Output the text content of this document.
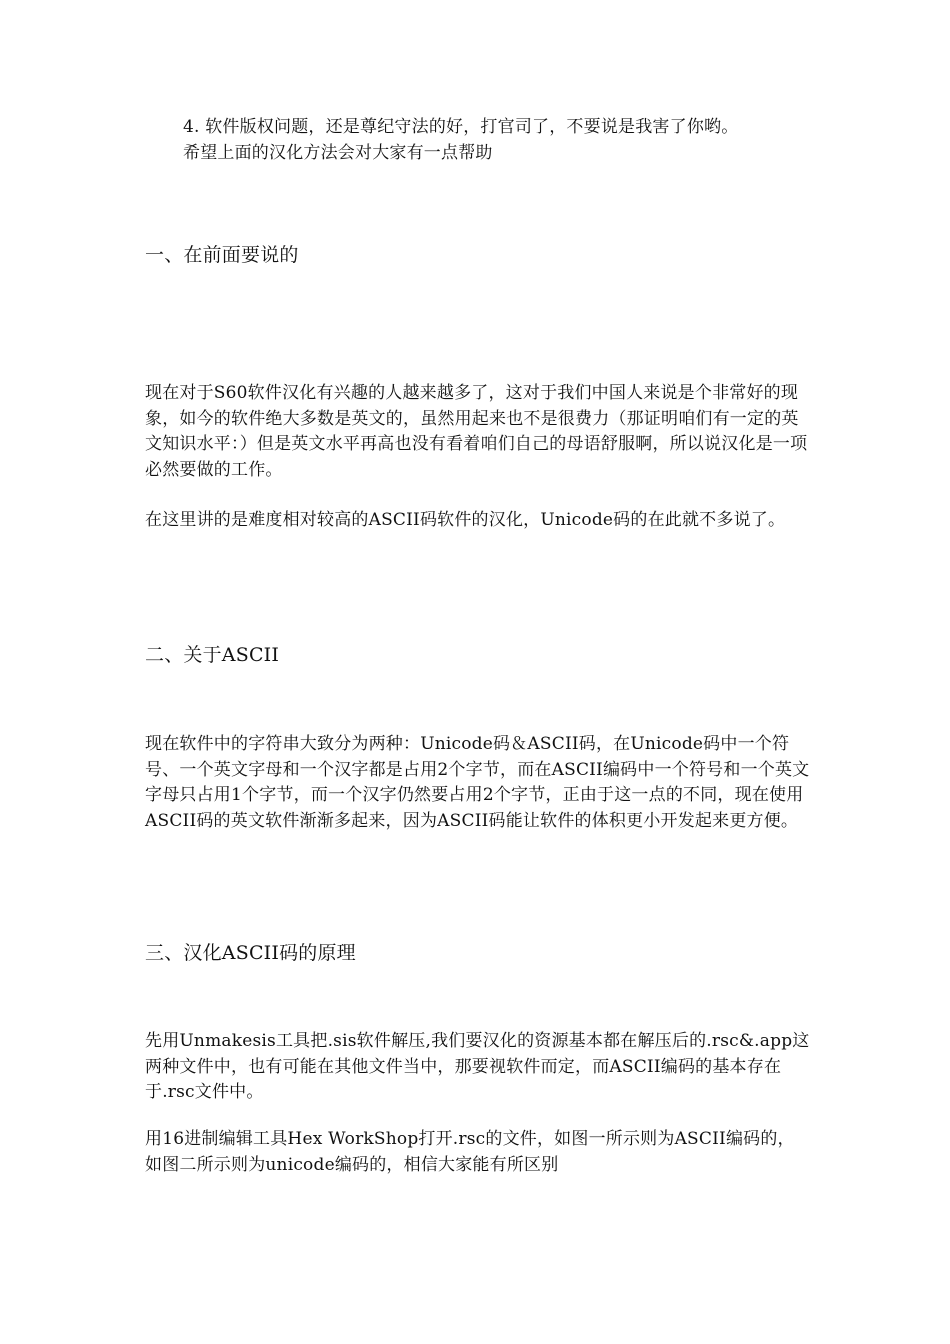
4. 软件版权问题，还是尊纪守法的好，打官司了，不要说是我害了你哟。
希望上面的汉化方法会对大家有一点帮助
一、在前面要说的

现在对于S60软件汉化有兴趣的人越来越多了，这对于我们中国人来说是个非常好的现象，如今的软件绝大多数是英文的，虽然用起来也不是很费力（那证明咱们有一定的英文知识水平：）但是英文水平再高也没有看着咱们自己的母语舒服啊，所以说汉化是一项必然要做的工作。

在这里讲的是难度相对较高的ASCII码软件的汉化，Unicode码的在此就不多说了。

二、关于ASCII

现在软件中的字符串大致分为两种：Unicode码＆ASCII码，在Unicode码中一个符号、一个英文字母和一个汉字都是占用2个字节，而在ASCII编码中一个符号和一个英文字母只占用1个字节，而一个汉字仍然要占用2个字节，正由于这一点的不同，现在使用ASCII码的英文软件渐渐多起来，因为ASCII码能让软件的体积更小开发起来更方便。

三、汉化ASCII码的原理

先用Unmakesis工具把.sis软件解压,我们要汉化的资源基本都在解压后的.rsc&.app这两种文件中，也有可能在其他文件当中，那要视软件而定，而ASCII编码的基本存在于.rsc文件中。

用16进制编辑工具Hex WorkShop打开.rsc的文件，如图一所示则为ASCII编码的，如图二所示则为unicode编码的，相信大家能有所区别
